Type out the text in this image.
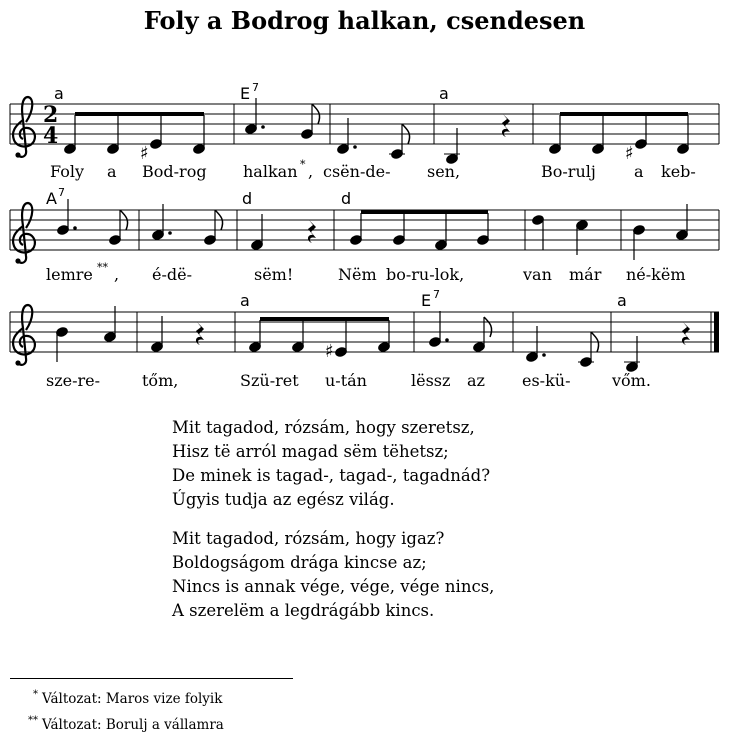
Foly a Bodrog halkan, csendesen
2
4
a	E 7	a
♯	♯
Foly a Bod-rog halkan * , csën-de- sen,	Bo-rulj a keb-
A 7	d	d
lemre ** , é-dë-	sëm!	Nëm bo-ru-lok,	van már né-këm
a	E 7	a
♯
sze-re-	tőm,	Szü-ret u-tán	lëssz az es-kü-	vőm.
Mit tagadod, rózsám, hogy szeretsz,
Hisz të arról magad sëm tëhetsz;
De minek is tagad-, tagad-, tagadnád?
Úgyis tudja az egész világ.
Mit tagadod, rózsám, hogy igaz?
Boldogságom drága kincse az;
Nincs is annak vége, vége, vége nincs,
A szerelëm a legdrágább kincs.
* Változat: Maros vize folyik
** Változat: Borulj a vállamra
